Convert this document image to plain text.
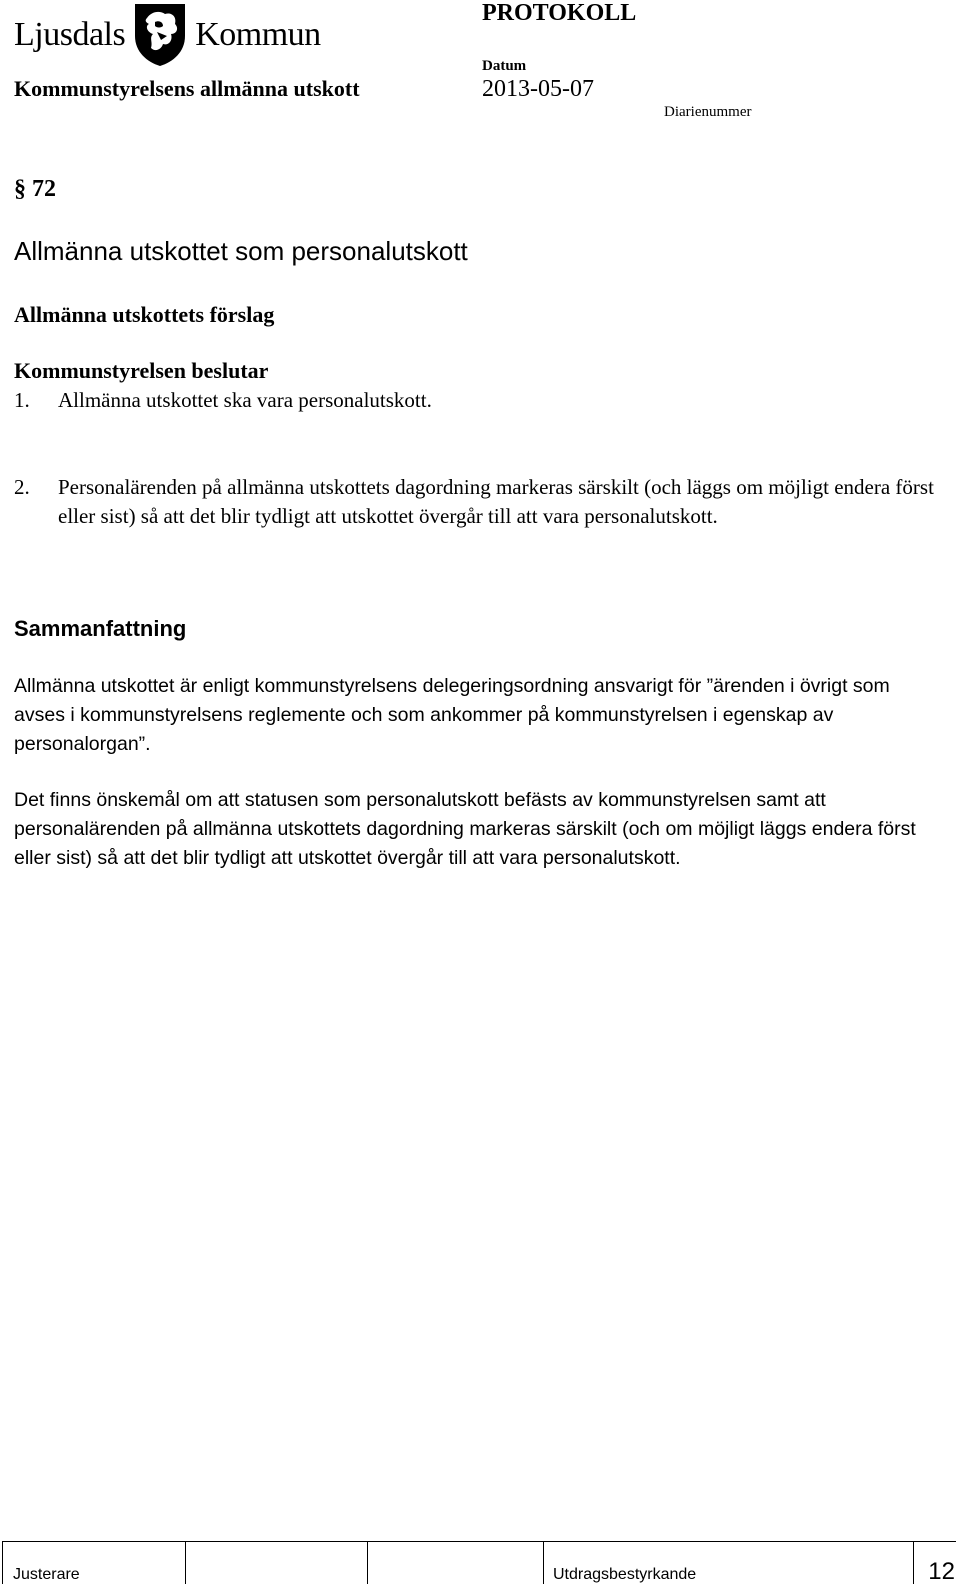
Ljusdals Kommun
PROTOKOLL
Kommunstyrelsens allmänna utskott
Datum
2013-05-07
Diarienummer
§ 72
Allmänna utskottet som personalutskott
Allmänna utskottets förslag
Kommunstyrelsen beslutar
1. Allmänna utskottet ska vara personalutskott.
2. Personalärenden på allmänna utskottets dagordning markeras särskilt (och läggs om möjligt endera först eller sist) så att det blir tydligt att utskottet övergår till att vara personalutskott.
Sammanfattning
Allmänna utskottet är enligt kommunstyrelsens delegeringsordning ansvarigt för ”ärenden i övrigt som avses i kommunstyrelsens reglemente och som ankommer på kommunstyrelsen i egenskap av personalorgan”.
Det finns önskemål om att statusen som personalutskott befästs av kommunstyrelsen samt att personalärenden på allmänna utskottets dagordning markeras särskilt (och om möjligt läggs endera först eller sist) så att det blir tydligt att utskottet övergår till att vara personalutskott.
Justerare	Utdragsbestyrkande	12
